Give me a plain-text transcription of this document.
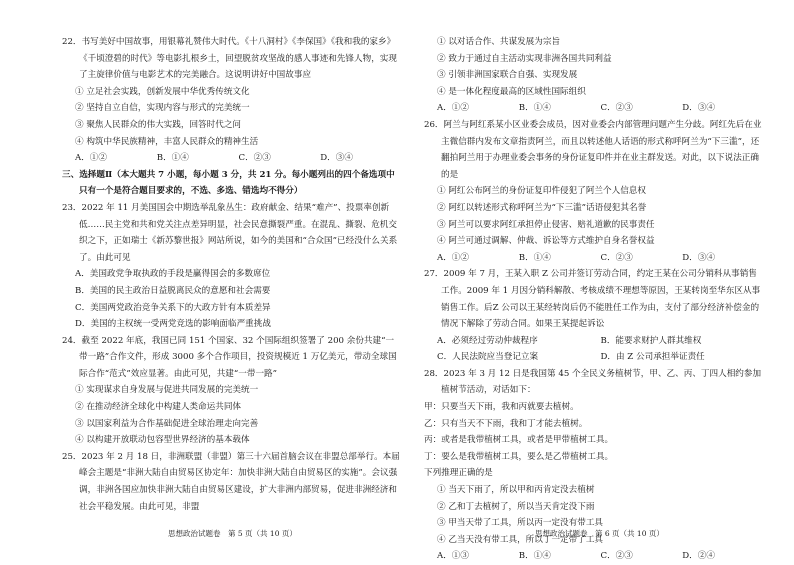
22．书写美好中国故事，用银幕礼赞伟大时代。《十八洞村》《李保国》《我和我的家乡》《千顷澄碧的时代》等电影扎根乡土，回望脱贫攻坚战的感人事迹和先锋人物，实现了主旋律价值与电影艺术的完美融合。这说明讲好中国故事应

① 立足社会实践，创新发展中华优秀传统文化

② 坚持自立自信，实现内容与形式的完美统一

③ 聚焦人民群众的伟大实践，回答时代之问

④ 构筑中华民族精神，丰富人民群众的精神生活

A．①②	B．①④	C．②③	D．③④

三、选择题Ⅱ（本大题共 7 小题，每小题 3 分，共 21 分。每小题列出的四个备选项中只有一个是符合题目要求的，不选、多选、错选均不得分）

23．2022 年 11 月美国国会中期选举乱象丛生：政府献金、结果“难产”、投票率创新低……民主党和共和党关注点差异明显，社会民意撕裂严重。在混乱、撕裂、危机交织之下，正如瑞士《新苏黎世报》网站所说，如今的美国和“合众国”已经没什么关系了。由此可见

A．美国政党争取执政的手段是赢得国会的多数席位

B．美国的民主政治日益脱离民众的意愿和社会需要

C．美国两党政治竞争关系下的大政方针有本质差异

D．美国的主权统一受两党竞选的影响面临严重挑战

24．截至 2022 年底，我国已同 151 个国家、32 个国际组织签署了 200 余份共建“一带一路”合作文件，形成 3000 多个合作项目，投资规模近 1 万亿美元，带动全球国际合作“范式”效应显著。由此可见，共建“一带一路”

① 实现谋求自身发展与促进共同发展的完美统一

② 在推动经济全球化中构建人类命运共同体

③ 以国家利益为合作基础促进全球治理走向完善

④ 以构建开放联动包容型世界经济的基本载体

25．2023 年 2 月 18 日，非洲联盟（非盟）第三十六届首脑会议在非盟总部举行。本届峰会主题是“非洲大陆自由贸易区协定年：加快非洲大陆自由贸易区的实施”。会议强调，非洲各国应加快非洲大陆自由贸易区建设，扩大非洲内部贸易，促进非洲经济和社会平稳发展。由此可见，非盟

① 以对话合作、共谋发展为宗旨

② 致力于通过自主活动实现非洲各国共同利益

③ 引领非洲国家联合自强、实现发展

④ 是一体化程度最高的区域性国际组织

A．①②	B．①④	C．②③	D．③④

26．阿兰与阿红系某小区业委会成员，因对业委会内部管理问题产生分歧。阿红先后在业主微信群内发布文章指责阿兰，而且以转述他人话语的形式称呼阿兰为“下三滥”，还翻拍阿兰用于办理业委会事务的身份证复印件并在业主群发送。对此，以下说法正确的是

① 阿红公布阿兰的身份证复印件侵犯了阿兰个人信息权

② 阿红以转述形式称呼阿兰为“下三滥”话语侵犯其名誉

③ 阿兰可以要求阿红承担停止侵害、赔礼道歉的民事责任

④ 阿兰可通过调解、仲裁、诉讼等方式维护自身名誉权益

A．①②	B．①④	C．②③	D．③④

27．2009 年 7 月，王某入职 Z 公司并签订劳动合同，约定王某在公司分销科从事销售工作。2009 年 1 月因分销科解散、考核成绩不理想等原因，王某转岗至华东区从事销售工作。后Z 公司以王某经转岗后仍不能胜任工作为由，支付了部分经济补偿金的情况下解除了劳动合同。如果王某提起诉讼

A．必须经过劳动仲裁程序	B．能要求财护人群其维权
C．人民法院应当登记立案	D．由 Z 公司承担举证责任

28．2023 年 3 月 12 日是我国第 45 个全民义务植树节，甲、乙、丙、丁四人相约参加植树节活动，对话如下：

甲：只要当天下雨，我和丙就要去植树。

乙：只有当天不下雨，我和丁才能去植树。

丙：或者是我带植树工具，或者是甲带植树工具。

丁：要么是我带植树工具，要么是乙带植树工具。

下列推理正确的是

① 当天下雨了，所以甲和丙肯定没去植树

② 乙和丁去植树了，所以当天肯定没下雨

③ 甲当天带了工具，所以丙一定没有带工具

④ 乙当天没有带工具，所以丁一定带了工具

A．①③	B．①④	C．②③	D．②④
思想政治试题卷　第 5 页（共 10 页）	思想政治试题卷　第 6 页（共 10 页）
